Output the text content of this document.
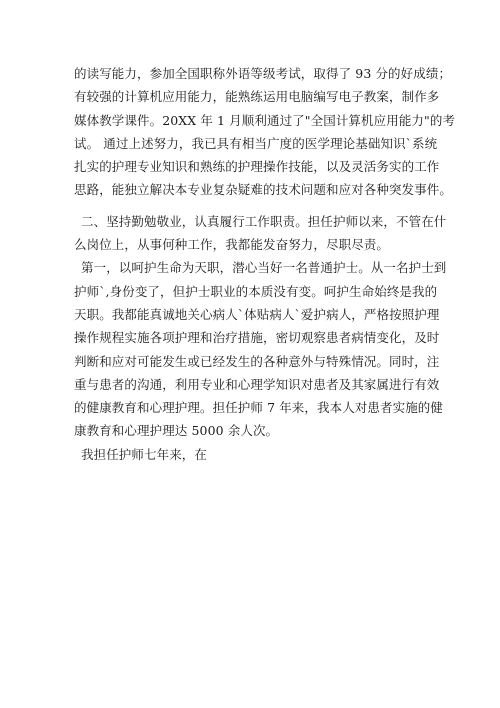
的读写能力，参加全国职称外语等级考试，取得了 93 分的好成绩；
有较强的计算机应用能力，能熟练运用电脑编写电子教案，制作多
媒体教学课件。20XX 年 1 月顺利通过了"全国计算机应用能力"的考
试。 通过上述努力，我已具有相当广度的医学理论基础知识`系统
扎实的护理专业知识和熟练的护理操作技能，以及灵活务实的工作
思路，能独立解决本专业复杂疑难的技术问题和应对各种突发事件。
二、坚持勤勉敬业，认真履行工作职责。担任护师以来，不管在什
么岗位上，从事何种工作，我都能发奋努力，尽职尽责。
第一，以呵护生命为天职，潜心当好一名普通护士。从一名护士到
护师`,身份变了，但护士职业的本质没有变。呵护生命始终是我的
天职。我都能真诚地关心病人`体贴病人`爱护病人，严格按照护理
操作规程实施各项护理和治疗措施，密切观察患者病情变化，及时
判断和应对可能发生或已经发生的各种意外与特殊情况。同时，注
重与患者的沟通，利用专业和心理学知识对患者及其家属进行有效
的健康教育和心理护理。担任护师 7 年来，我本人对患者实施的健
康教育和心理护理达 5000 余人次。
我担任护师七年来，在
